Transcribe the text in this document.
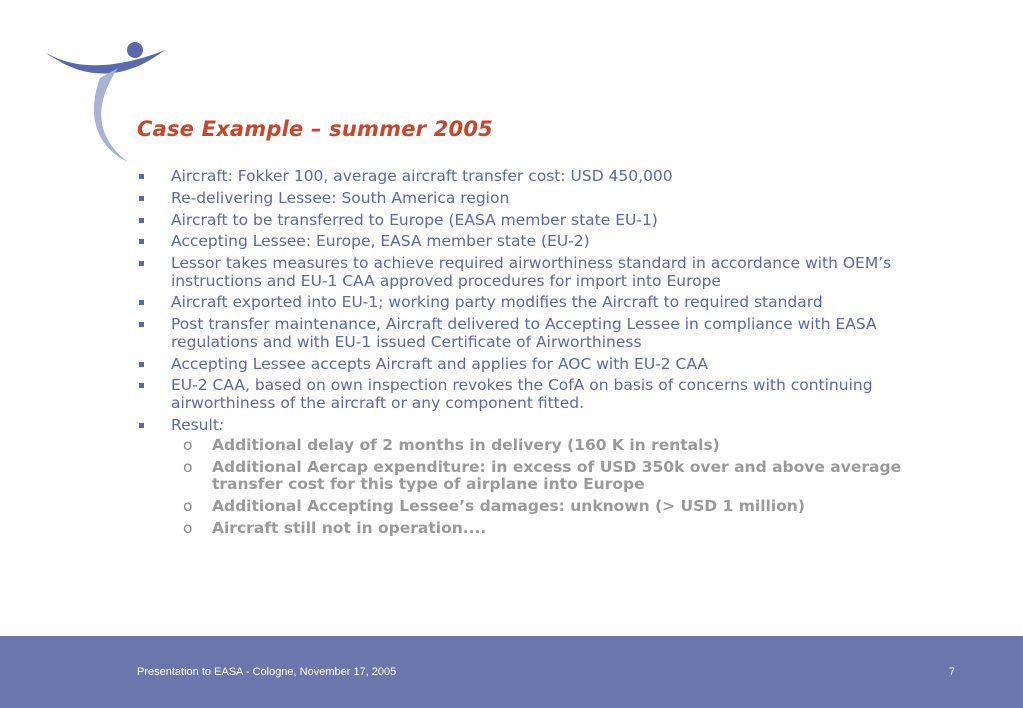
Case Example – summer 2005
Aircraft: Fokker 100, average aircraft transfer cost: USD 450,000
Re-delivering Lessee: South America region
Aircraft to be transferred to Europe (EASA member state EU-1)
Accepting Lessee: Europe, EASA member state (EU-2)
Lessor takes measures to achieve required airworthiness standard in accordance with OEM’s instructions and EU-1 CAA approved procedures for import into Europe
Aircraft exported into EU-1; working party modifies the Aircraft to required standard
Post transfer maintenance, Aircraft delivered to Accepting Lessee in compliance with EASA regulations and with EU-1 issued Certificate of Airworthiness
Accepting Lessee accepts Aircraft and applies for AOC with EU-2 CAA
EU-2 CAA, based on own inspection revokes the CofA on basis of concerns with continuing airworthiness of the aircraft or any component fitted.
Result:
o Additional delay of 2 months in delivery (160 K in rentals)
o Additional Aercap expenditure: in excess of USD 350k over and above average transfer cost for this type of airplane into Europe
o Additional Accepting Lessee’s damages: unknown (> USD 1 million)
o Aircraft still not in operation....
Presentation to EASA - Cologne, November 17, 2005	7
